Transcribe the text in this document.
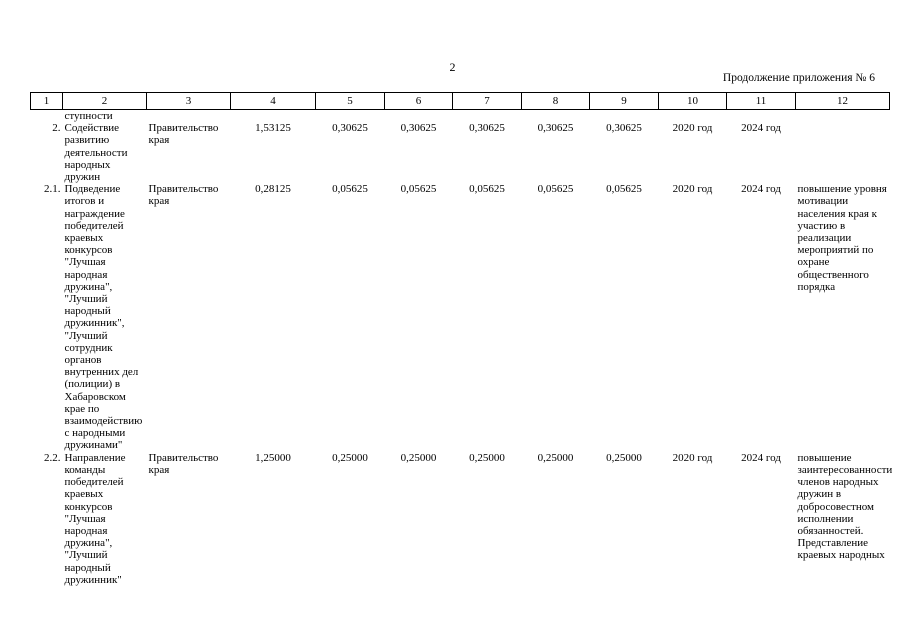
2
Продолжение приложения № 6
1	2	3	4	5	6	7	8	9	10	11	12
	ступности										
2.	Содействие развитию деятельности народных дружин	Правительство края	1,53125	0,30625	0,30625	0,30625	0,30625	0,30625	2020 год	2024 год	
2.1.	Подведение итогов и награждение победителей краевых конкурсов "Лучшая народная дружина", "Лучший народный дружинник", "Лучший сотрудник органов внутренних дел (полиции) в Хабаровском крае по взаимодействию с народными дружинами"	Правительство края	0,28125	0,05625	0,05625	0,05625	0,05625	0,05625	2020 год	2024 год	повышение уровня мотивации населения края к участию в реализации мероприятий по охране общественного порядка
2.2.	Направление команды победителей краевых конкурсов "Лучшая народная дружина", "Лучший народный дружинник"	Правительство края	1,25000	0,25000	0,25000	0,25000	0,25000	0,25000	2020 год	2024 год	повышение заинтересованности членов народных дружин в добросовестном исполнении обязанностей. Представление краевых народных
